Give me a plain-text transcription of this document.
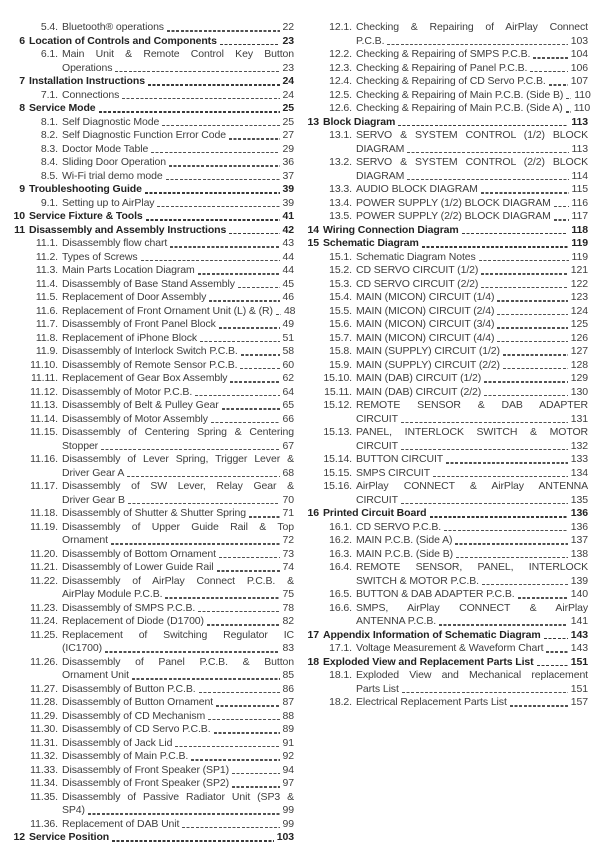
5.4. Bluetooth® operations	22
6 Location of Controls and Components	23
6.1. Main Unit & Remote Control Key Button
Operations	23
7 Installation Instructions	24
7.1. Connections	24
8 Service Mode	25
8.1. Self Diagnostic Mode	25
8.2. Self Diagnostic Function Error Code	27
8.3. Doctor Mode Table	29
8.4. Sliding Door Operation	36
8.5. Wi-Fi trial demo mode	37
9 Troubleshooting Guide	39
9.1. Setting up to AirPlay	39
10 Service Fixture & Tools	41
11 Disassembly and Assembly Instructions	42
11.1. Disassembly flow chart	43
11.2. Types of Screws	44
11.3. Main Parts Location Diagram	44
11.4. Disassembly of Base Stand Assembly	45
11.5. Replacement of Door Assembly	46
11.6. Replacement of Front Ornament Unit (L) & (R) 48
11.7. Disassembly of Front Panel Block	49
11.8. Replacement of iPhone Block	51
11.9. Disassembly of Interlock Switch P.C.B.	58
11.10. Disassembly of Remote Sensor P.C.B.	60
11.11. Replacement of Gear Box Assembly	62
11.12. Disassembly of Motor P.C.B.	64
11.13. Disassembly of Belt & Pulley Gear	65
11.14. Disassembly of Motor Assembly	66
11.15. Disassembly of Centering Spring & Centering
Stopper	67
11.16. Disassembly of Lever Spring, Trigger Lever &
Driver Gear A	68
11.17. Disassembly of SW Lever, Relay Gear &
Driver Gear B	70
11.18. Disassembly of Shutter & Shutter Spring	71
11.19. Disassembly of Upper Guide Rail & Top
Ornament	72
11.20. Disassembly of Bottom Ornament	73
11.21. Disassembly of Lower Guide Rail	74
11.22. Disassembly of AirPlay Connect P.C.B. &
AirPlay Module P.C.B.	75
11.23. Disassembly of SMPS P.C.B.	78
11.24. Replacement of Diode (D1700)	82
11.25. Replacement of Switching Regulator IC
(IC1700)	83
11.26. Disassembly of Panel P.C.B. & Button
Ornament Unit	85
11.27. Disassembly of Button P.C.B.	86
11.28. Disassembly of Button Ornament	87
11.29. Disassembly of CD Mechanism	88
11.30. Disassembly of CD Servo P.C.B.	89
11.31. Disassembly of Jack Lid	91
11.32. Disassembly of Main P.C.B.	92
11.33. Disassembly of Front Speaker (SP1)	94
11.34. Disassembly of Front Speaker (SP2)	97
11.35. Disassembly of Passive Radiator Unit (SP3 &
SP4)	99
11.36. Replacement of DAB Unit	99
12 Service Position	103
12.1. Checking & Repairing of AirPlay Connect
P.C.B.	103
12.2. Checking & Repairing of SMPS P.C.B.	104
12.3. Checking & Repairing of Panel P.C.B.	106
12.4. Checking & Repairing of CD Servo P.C.B. 107
12.5. Checking & Repairing of Main P.C.B. (Side B) 110
12.6. Checking & Repairing of Main P.C.B. (Side A) 110
13 Block Diagram	113
13.1. SERVO & SYSTEM CONTROL (1/2) BLOCK
DIAGRAM	113
13.2. SERVO & SYSTEM CONTROL (2/2) BLOCK
DIAGRAM	114
13.3. AUDIO BLOCK DIAGRAM	115
13.4. POWER SUPPLY (1/2) BLOCK DIAGRAM 116
13.5. POWER SUPPLY (2/2) BLOCK DIAGRAM 117
14 Wiring Connection Diagram	118
15 Schematic Diagram	119
15.1. Schematic Diagram Notes	119
15.2. CD SERVO CIRCUIT (1/2)	121
15.3. CD SERVO CIRCUIT (2/2)	122
15.4. MAIN (MICON) CIRCUIT (1/4)	123
15.5. MAIN (MICON) CIRCUIT (2/4)	124
15.6. MAIN (MICON) CIRCUIT (3/4)	125
15.7. MAIN (MICON) CIRCUIT (4/4)	126
15.8. MAIN (SUPPLY) CIRCUIT (1/2)	127
15.9. MAIN (SUPPLY) CIRCUIT (2/2)	128
15.10. MAIN (DAB) CIRCUIT (1/2)	129
15.11. MAIN (DAB) CIRCUIT (2/2)	130
15.12. REMOTE SENSOR & DAB ADAPTER
CIRCUIT	131
15.13. PANEL, INTERLOCK SWITCH & MOTOR
CIRCUIT	132
15.14. BUTTON CIRCUIT	133
15.15. SMPS CIRCUIT	134
15.16. AirPlay CONNECT & AirPlay ANTENNA
CIRCUIT	135
16 Printed Circuit Board	136
16.1. CD SERVO P.C.B.	136
16.2. MAIN P.C.B. (Side A)	137
16.3. MAIN P.C.B. (Side B)	138
16.4. REMOTE SENSOR, PANEL, INTERLOCK
SWITCH & MOTOR P.C.B.	139
16.5. BUTTON & DAB ADAPTER P.C.B.	140
16.6. SMPS, AirPlay CONNECT & AirPlay
ANTENNA P.C.B.	141
17 Appendix Information of Schematic Diagram	143
17.1. Voltage Measurement & Waveform Chart	143
18 Exploded View and Replacement Parts List	151
18.1. Exploded View and Mechanical replacement
Parts List	151
18.2. Electrical Replacement Parts List	157
